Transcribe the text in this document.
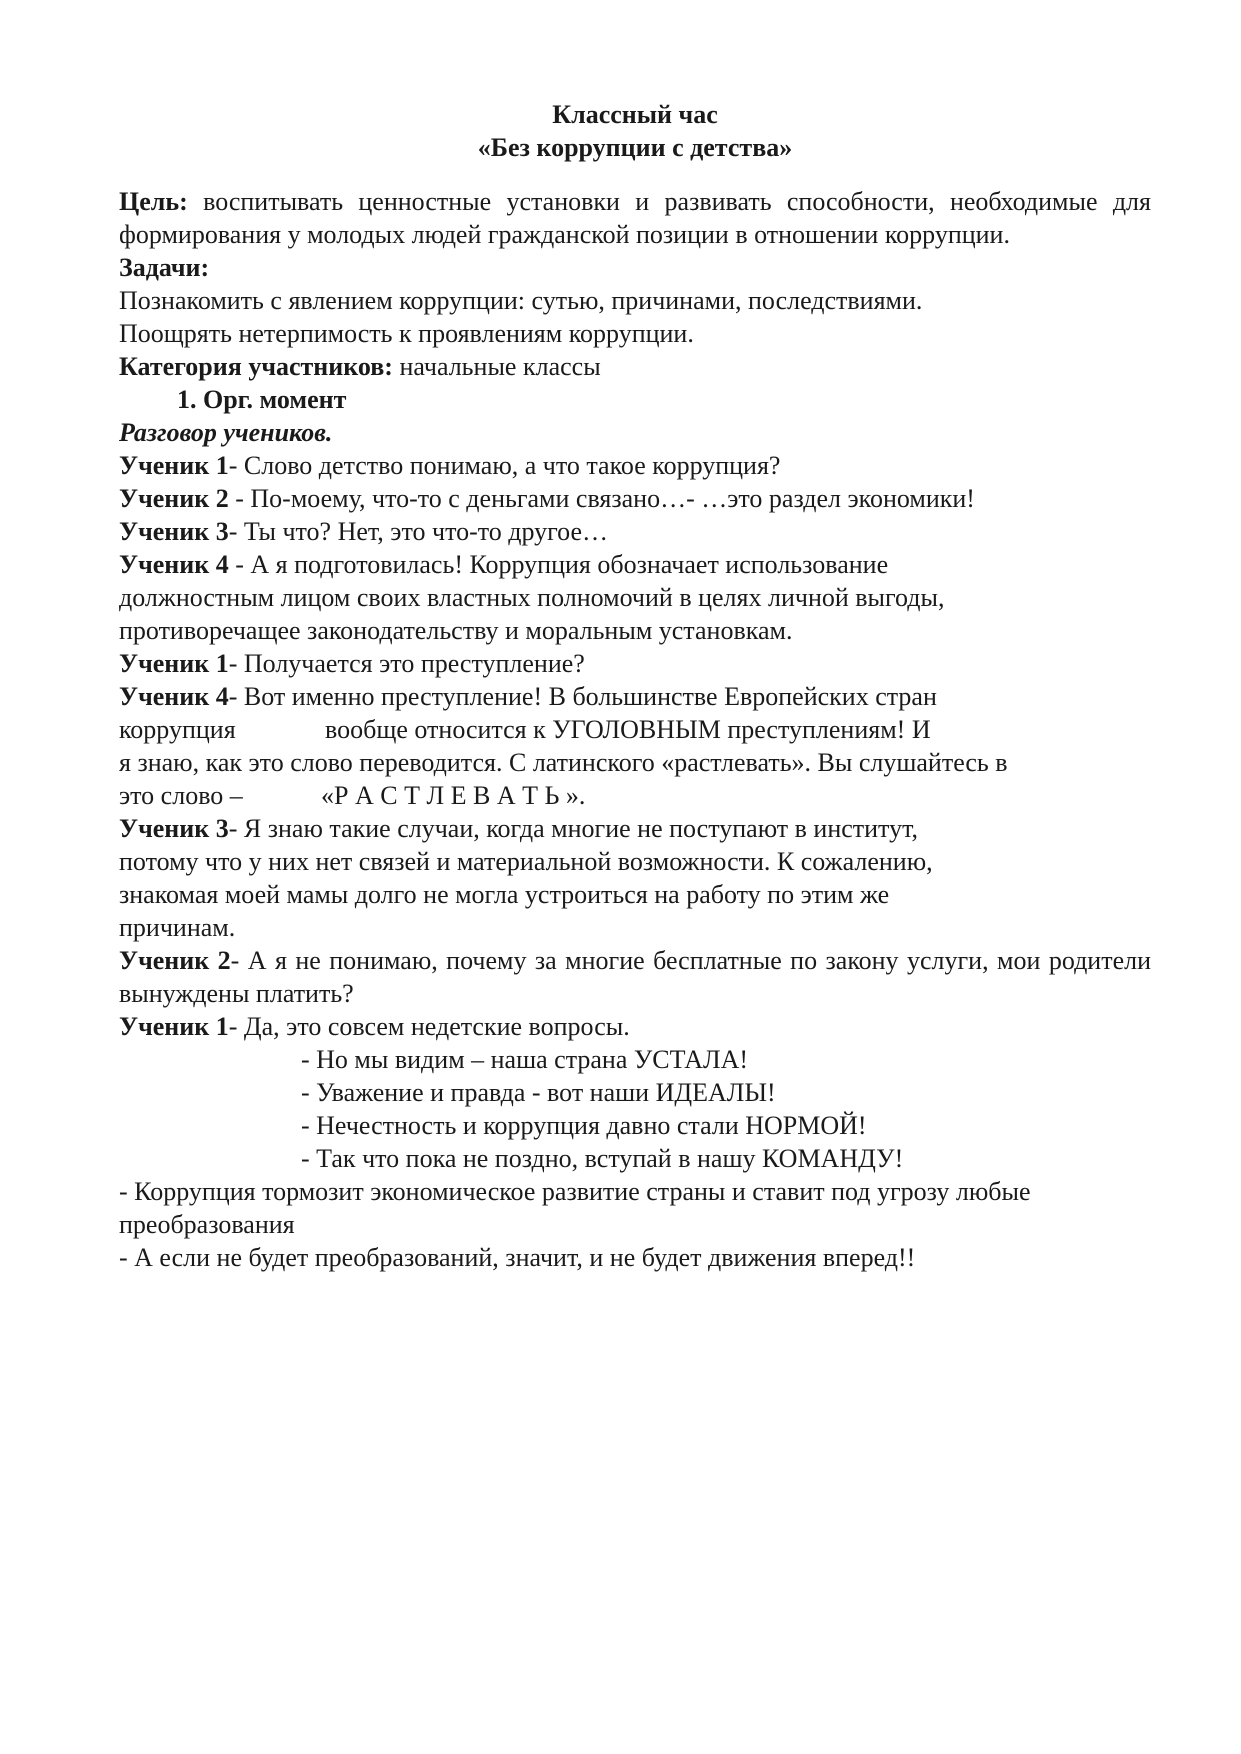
Классный час

«Без коррупции с детства»

Цель: воспитывать ценностные установки и развивать способности, необходимые для формирования у молодых людей гражданской позиции в отношении коррупции.

Задачи:

Познакомить с явлением коррупции: сутью, причинами, последствиями.

Поощрять нетерпимость к проявлениям коррупции.

Категория участников: начальные классы

1. Орг. момент

Разговор учеников.

Ученик 1- Слово детство понимаю, а что такое коррупция?

Ученик 2 - По-моему, что-то с деньгами связано…- …это раздел экономики!

Ученик 3- Ты что? Нет, это что-то другое…

Ученик 4 - А я подготовилась! Коррупция обозначает использование должностным лицом своих властных полномочий в целях личной выгоды, противоречащее законодательству и моральным установкам.

Ученик 1- Получается это преступление?

Ученик 4- Вот именно преступление! В большинстве Европейских стран

коррупция	вообще относится к УГОЛОВНЫМ преступлениям! И

я знаю, как это слово переводится. С латинского «растлевать». Вы слушайтесь в

это слово –	«Р А С Т Л Е В А Т Ь ».

Ученик 3- Я знаю такие случаи, когда многие не поступают в институт,

потому что у них нет связей и материальной возможности. К сожалению,

знакомая моей мамы долго не могла устроиться на работу по этим же

причинам.

Ученик 2- А я не понимаю, почему за многие бесплатные по закону услуги, мои родители вынуждены платить?

Ученик 1- Да, это совсем недетские вопросы.

- Но мы видим – наша страна УСТАЛА!

- Уважение и правда - вот наши ИДЕАЛЫ!

- Нечестность и коррупция давно стали НОРМОЙ!

- Так что пока не поздно, вступай в нашу КОМАНДУ!

- Коррупция тормозит экономическое развитие страны и ставит под угрозу любые преобразования

- А если не будет преобразований, значит, и не будет движения вперед!!
